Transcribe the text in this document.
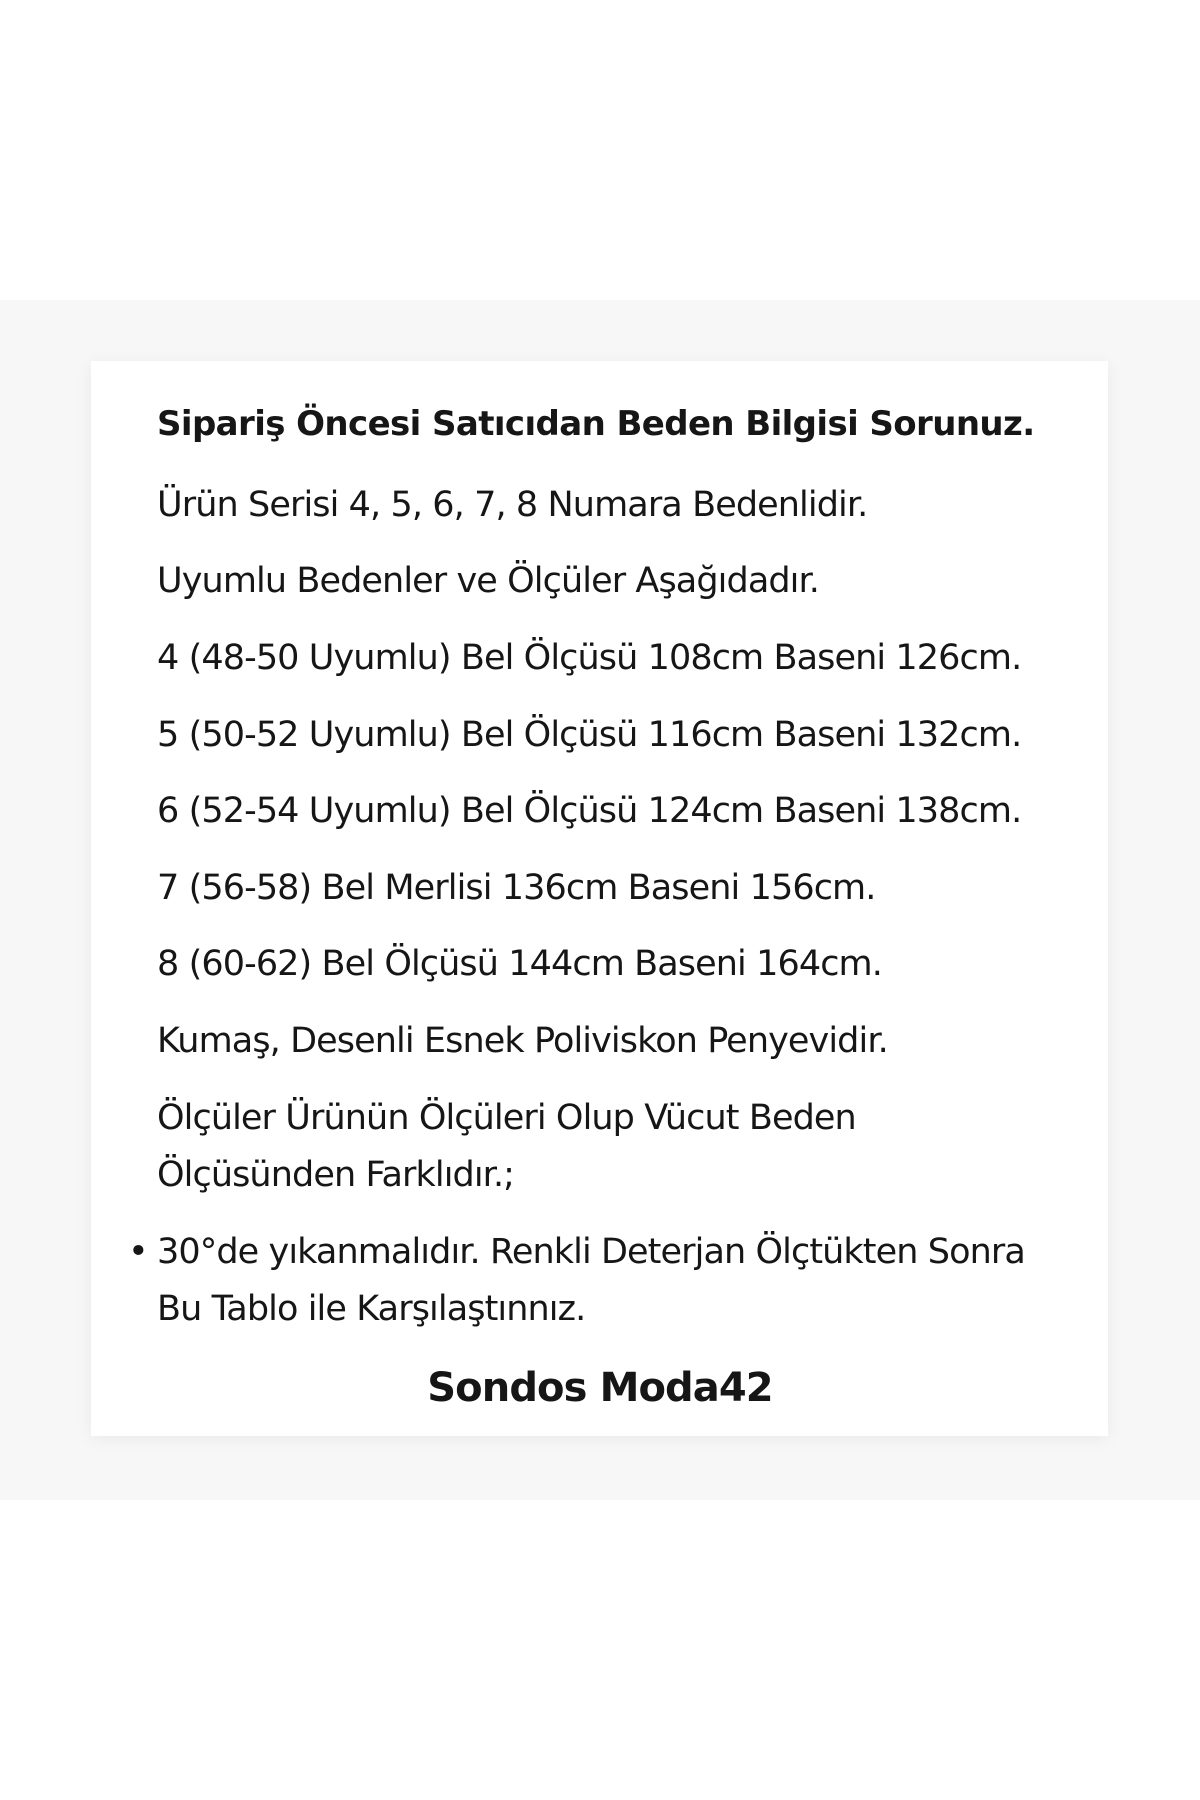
Sipariş Öncesi Satıcıdan Beden Bilgisi Sorunuz.

Ürün Serisi 4, 5, 6, 7, 8 Numara Bedenlidir.

Uyumlu Bedenler ve Ölçüler Aşağıdadır.

4 (48-50 Uyumlu) Bel Ölçüsü 108cm Baseni 126cm.

5 (50-52 Uyumlu) Bel Ölçüsü 116cm Baseni 132cm.

6 (52-54 Uyumlu) Bel Ölçüsü 124cm Baseni 138cm.

7 (56-58) Bel Merlisi 136cm Baseni 156cm.

8 (60-62) Bel Ölçüsü 144cm Baseni 164cm.

Kumaş, Desenli Esnek Poliviskon Penyevidir.

Ölçüler Ürünün Ölçüleri Olup Vücut Beden

Ölçüsünden Farklıdır.;

• 30°de yıkanmalıdır. Renkli Deterjan Ölçtükten Sonra

Bu Tablo ile Karşılaştınnız.

Sondos Moda42
